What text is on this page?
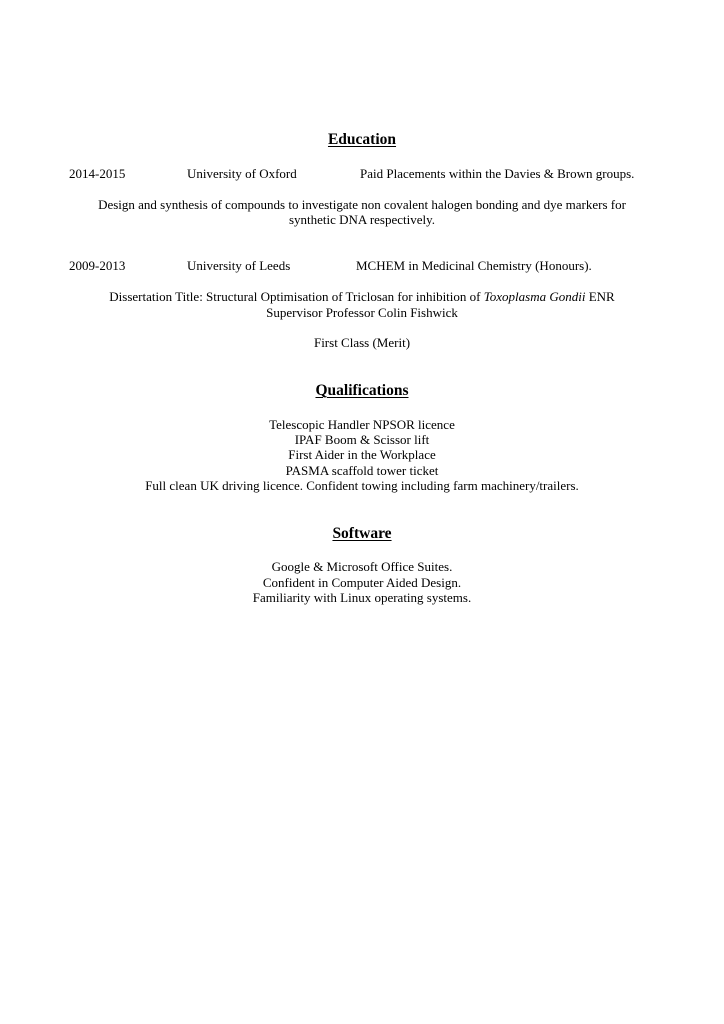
Education
2014-2015	University of Oxford	Paid Placements within the Davies & Brown groups.
Design and synthesis of compounds to investigate non covalent halogen bonding and dye markers for
synthetic DNA respectively.
2009-2013	University of Leeds	MCHEM in Medicinal Chemistry (Honours).
Dissertation Title: Structural Optimisation of Triclosan for inhibition of Toxoplasma Gondii ENR
Supervisor Professor Colin Fishwick
First Class (Merit)
Qualifications
Telescopic Handler NPSOR licence
IPAF Boom & Scissor lift
First Aider in the Workplace
PASMA scaffold tower ticket
Full clean UK driving licence. Confident towing including farm machinery/trailers.
Software
Google & Microsoft Office Suites.
Confident in Computer Aided Design.
Familiarity with Linux operating systems.
